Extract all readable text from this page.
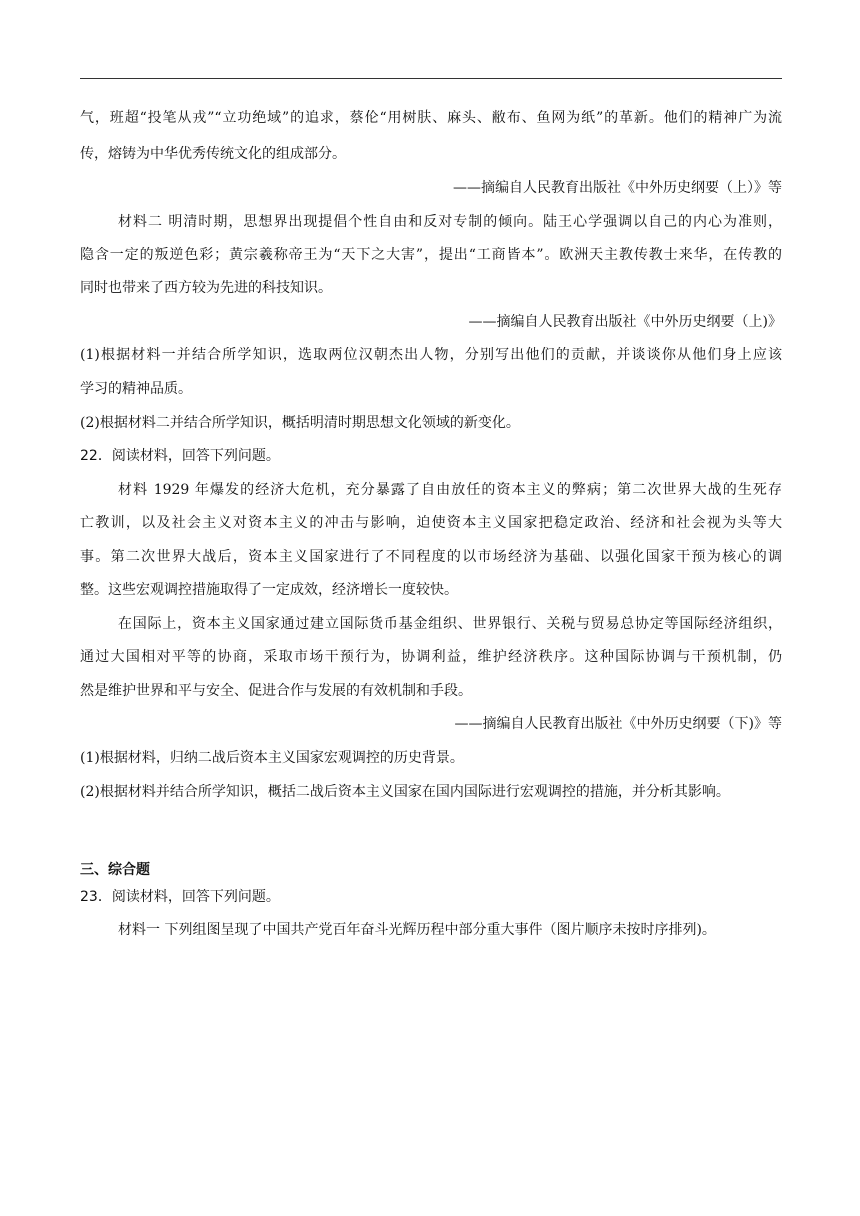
气，班超“投笔从戎”“立功绝域”的追求，蔡伦“用树肤、麻头、敝布、鱼网为纸”的革新。他们的精神广为流
传，熔铸为中华优秀传统文化的组成部分。
——摘编自人民教育出版社《中外历史纲要（上）》等
材料二 明清时期，思想界出现提倡个性自由和反对专制的倾向。陆王心学强调以自己的内心为准则，
隐含一定的叛逆色彩；黄宗羲称帝王为“天下之大害”，提出“工商皆本”。欧洲天主教传教士来华，在传教的
同时也带来了西方较为先进的科技知识。
——摘编自人民教育出版社《中外历史纲要（上)》
(1)根据材料一并结合所学知识，选取两位汉朝杰出人物，分别写出他们的贡献，并谈谈你从他们身上应该
学习的精神品质。
(2)根据材料二并结合所学知识，概括明清时期思想文化领域的新变化。
22．阅读材料，回答下列问题。
材料 1929 年爆发的经济大危机，充分暴露了自由放任的资本主义的弊病；第二次世界大战的生死存
亡教训，以及社会主义对资本主义的冲击与影响，迫使资本主义国家把稳定政治、经济和社会视为头等大
事。第二次世界大战后，资本主义国家进行了不同程度的以市场经济为基础、以强化国家干预为核心的调
整。这些宏观调控措施取得了一定成效，经济增长一度较快。
在国际上，资本主义国家通过建立国际货币基金组织、世界银行、关税与贸易总协定等国际经济组织，
通过大国相对平等的协商，采取市场干预行为，协调利益，维护经济秩序。这种国际协调与干预机制，仍
然是维护世界和平与安全、促进合作与发展的有效机制和手段。
——摘编自人民教育出版社《中外历史纲要（下)》等
(1)根据材料，归纳二战后资本主义国家宏观调控的历史背景。
(2)根据材料并结合所学知识，概括二战后资本主义国家在国内国际进行宏观调控的措施，并分析其影响。
三、综合题
23．阅读材料，回答下列问题。
材料一 下列组图呈现了中国共产党百年奋斗光辉历程中部分重大事件（图片顺序未按时序排列)。
